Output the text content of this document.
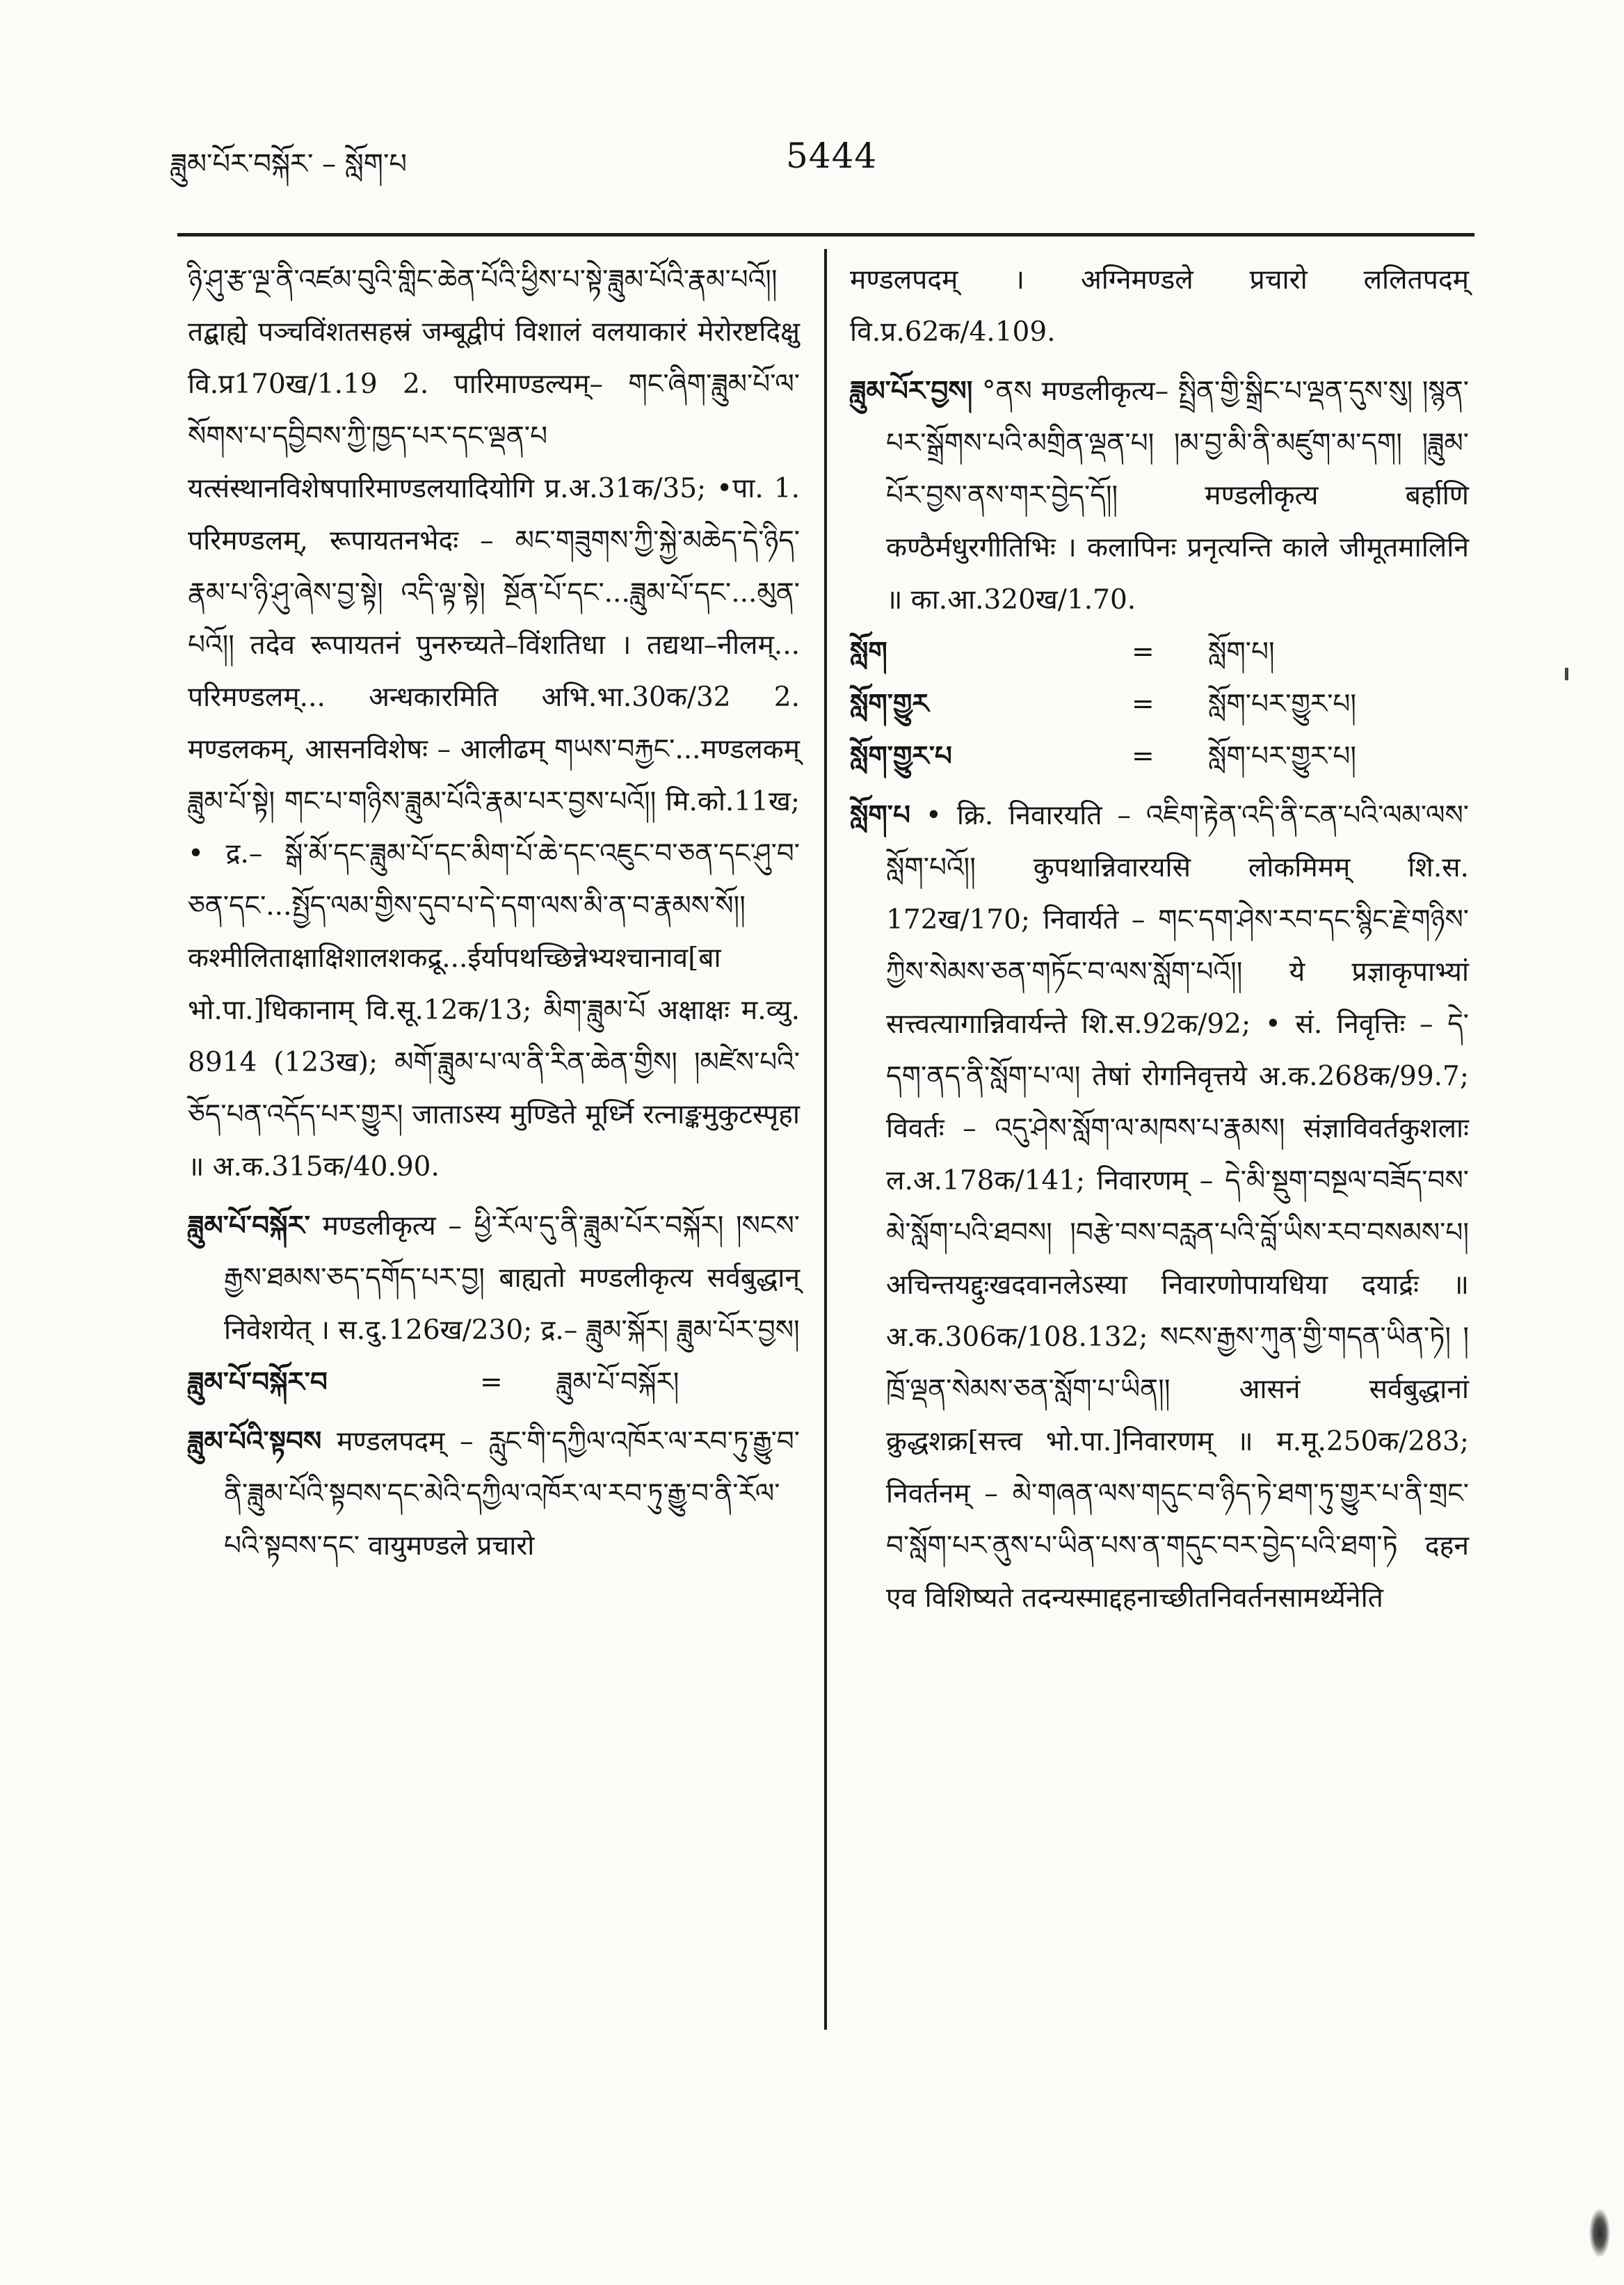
ཟླུམ་པོར་བསྐོར་ – སློག་པ	5444

ཉི་ཤུ་རྩ་ལྔ་ནི་འཛམ་བུའི་གླིང་ཆེན་པོའི་ཕྱིས་པ་སྟེ་ཟླུམ་པོའི་རྣམ་པའོ།། तद्बाह्ये पञ्चविंशतसहस्रं जम्बूद्वीपं विशालं वलयाकारं मेरोरष्टदिक्षु वि.प्र170ख/1.19 2. पारिमाण्डल्यम्– གང་ཞིག་ཟླུམ་པོ་ལ་སོགས་པ་དབྱིབས་ཀྱི་ཁྱད་པར་དང་ལྡན་པ यत्संस्थानविशेषपारिमाण्डलयादियोगि प्र.अ.31क/35; •पा. 1. परिमण्डलम्, रूपायतनभेदः – མང་གཟུགས་ཀྱི་སྐྱེ་མཆེད་དེ་ཉིད་ རྣམ་པ་ཉི་ཤུ་ཞེས་བྱ་སྟེ། འདི་ལྟ་སྟེ། སྔོན་པོ་དང་...ཟླུམ་པོ་དང་...མུན་པའོ།། तदेव रूपायतनं पुनरुच्यते–विंशतिधा । तद्यथा–नीलम्... परिमण्डलम्... अन्धकारमिति अभि.भा.30क/32 2. मण्डलकम्, आसनविशेषः – आलीढम् གཡས་བརྐྱང་...मण्डलकम् ཟླུམ་པོ་སྟེ། གང་པ་གཉིས་ཟླུམ་པོའི་རྣམ་པར་བྱས་པའོ།། मि.को.11ख; • द्र.– སྒོ་མོ་དང་ཟླུམ་པོ་དང་མིག་པོ་ཆེ་དང་འཇུང་བ་ཅན་དང་ཤུ་བ་ཅན་དང་...སྤྱོད་ལམ་གྱིས་དུབ་པ་དེ་དག་ལས་མི་ན་བ་རྣམས་སོ།། कश्मीलिताक्षाक्षिशालशकद्रू...ईर्यापथच्छिन्नेभ्यश्चानाव[बा भो.पा.]धिकानाम् वि.सू.12क/13; མིག་ཟླུམ་པོ अक्षाक्षः म.व्यु. 8914 (123ख); མགོ་ཟླུམ་པ་ལ་ནི་རིན་ཆེན་གྱིས། །མཛེས་པའི་ཅོད་པན་འདོད་པར་གྱུར། जाताऽस्य मुण्डिते मूर्ध्नि रत्नाङ्कमुकुटस्पृहा ॥ अ.क.315क/40.90.

ཟླུམ་པོ་བསྐོར་ मण्डलीकृत्य – ཕྱི་རོལ་དུ་ནི་ཟླུམ་པོར་བསྐོར། །སངས་རྒྱས་ཐམས་ཅད་དགོད་པར་བྱ། बाह्यतो मण्डलीकृत्य सर्वबुद्धान् निवेशयेत् । स.दु.126ख/230; द्र.– ཟླུམ་སྐོར། ཟླུམ་པོར་བྱས།

ཟླུམ་པོ་བསྐོར་བ	=	ཟླུམ་པོ་བསྐོར།

ཟླུམ་པོའི་སྟབས मण्डलपदम् – རླུང་གི་དཀྱིལ་འཁོར་ལ་རབ་ཏུ་རྒྱུ་བ་ནི་ཟླུམ་པོའི་སྟབས་དང་མེའི་དཀྱིལ་འཁོར་ལ་རབ་ཏུ་རྒྱུ་བ་ནི་རོལ་པའི་སྟབས་དང་ वायुमण्डले प्रचारो

मण्डलपदम् । अग्निमण्डले प्रचारो ललितपदम् वि.प्र.62क/4.109.

ཟླུམ་པོར་བྱས། °ནས मण्डलीकृत्य– སྤྲིན་གྱི་སྒྲིང་པ་ལྡན་དུས་སུ། །སྙན་པར་སྒྲོགས་པའི་མགྲིན་ལྡན་པ། །མ་བྱ་མི་ནི་མཛུག་མ་དག། །ཟླུམ་པོར་བྱས་ནས་གར་བྱེད་དོ།། मण्डलीकृत्य बर्हाणि कण्ठैर्मधुरगीतिभिः । कलापिनः प्रनृत्यन्ति काले जीमूतमालिनि ॥ का.आ.320ख/1.70.

སློག	=	སློག་པ།
སློག་གྱུར	=	སློག་པར་གྱུར་པ།
སློག་གྱུར་པ	=	སློག་པར་གྱུར་པ།

སློག་པ • क्रि. निवारयति – འཇིག་རྟེན་འདི་ནི་ངན་པའི་ལམ་ལས་སློག་པའོ།། कुपथान्निवारयसि लोकमिमम् शि.स. 172ख/170; निवार्यते – གང་དག་ཤེས་རབ་དང་སྙིང་རྗེ་གཉིས་ཀྱིས་སེམས་ཅན་གཏོང་བ་ལས་སློག་པའོ།། ये प्रज्ञाकृपाभ्यां सत्त्वत्यागान्निवार्यन्ते शि.स.92क/92; • सं. निवृत्तिः – དེ་དག་ནད་ནི་སློག་པ་ལ། तेषां रोगनिवृत्तये अ.क.268क/99.7; विवर्तः – འདུ་ཤེས་སློག་ལ་མཁས་པ་རྣམས། संज्ञाविवर्तकुशलाः ल.अ.178क/141; निवारणम् – དེ་མི་སྡུག་བསྔལ་བཟོད་བས་མེ་སློག་པའི་ཐབས། །བརྩེ་བས་བརླན་པའི་བློ་ཡིས་རབ་བསམས་པ། अचिन्तयद्दुःखदवानलेऽस्या निवारणोपायधिया दयार्द्रः ॥ अ.क.306क/108.132; སངས་རྒྱས་ཀུན་གྱི་གདན་ཡིན་ཏེ། །ཁྲོ་ལྡན་སེམས་ཅན་སློག་པ་ཡིན།། आसनं सर्वबुद्धानां क्रुद्धशक्र[सत्त्व भो.पा.]निवारणम् ॥ म.मू.250क/283; निवर्तनम् – མེ་གཞན་ལས་གདུང་བ་ཉིད་ཏེ་ཐག་ཏུ་གྱུར་པ་ནི་གྲང་བ་སློག་པར་ནུས་པ་ཡིན་པས་ན་གདུང་བར་བྱེད་པའི་ཐག་ཏེ दहन एव विशिष्यते तदन्यस्माद्दहनाच्छीतनिवर्तनसामर्थ्येनेति
